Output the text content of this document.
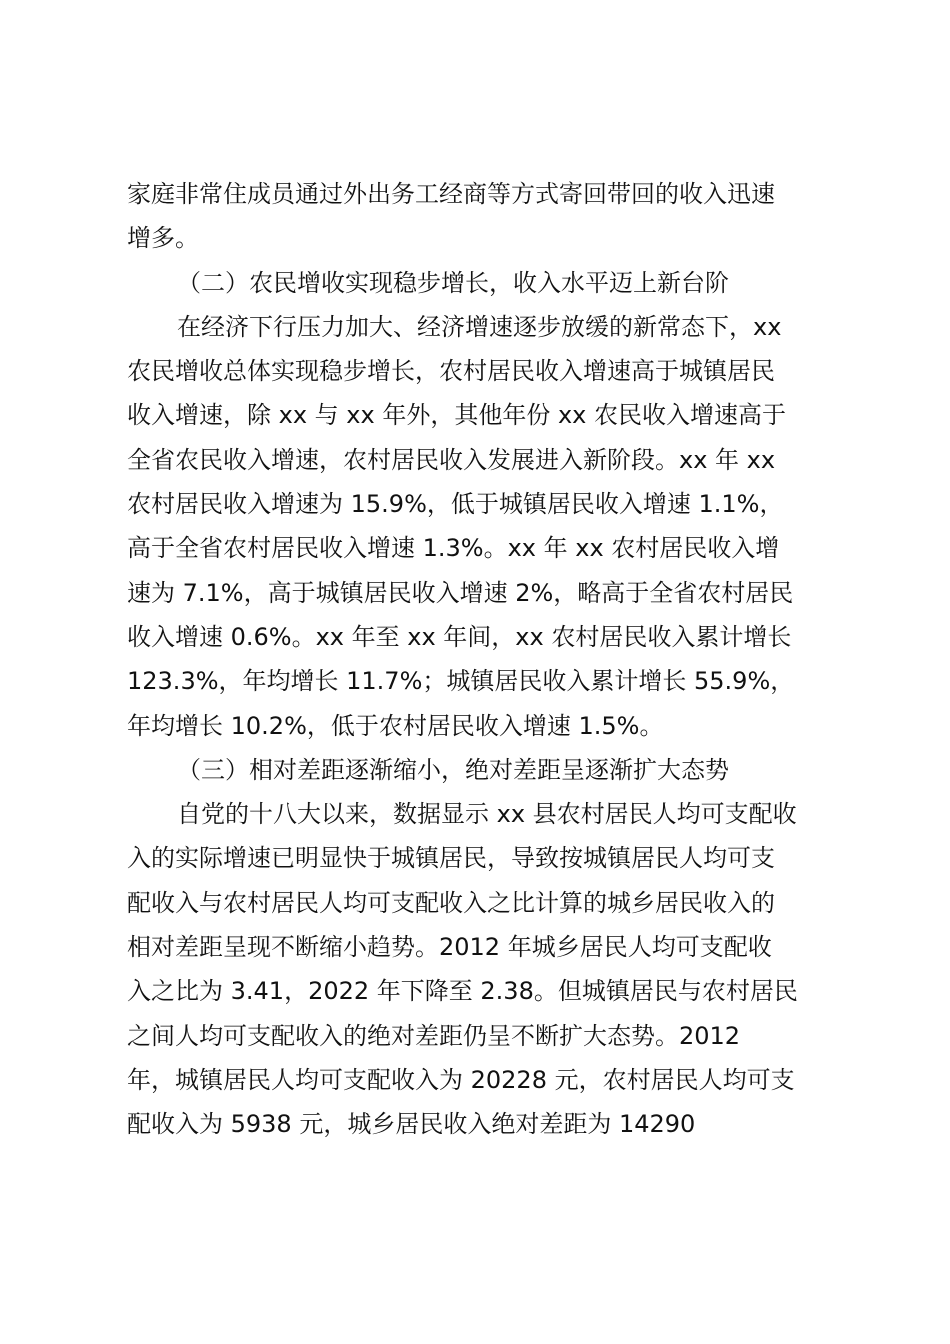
家庭非常住成员通过外出务工经商等方式寄回带回的收入迅速
增多。
（二）农民增收实现稳步增长，收入水平迈上新台阶
在经济下行压力加大、经济增速逐步放缓的新常态下，xx
农民增收总体实现稳步增长，农村居民收入增速高于城镇居民
收入增速，除 xx 与 xx 年外，其他年份 xx 农民收入增速高于
全省农民收入增速，农村居民收入发展进入新阶段。xx 年 xx
农村居民收入增速为 15.9%，低于城镇居民收入增速 1.1%，
高于全省农村居民收入增速 1.3%。xx 年 xx 农村居民收入增
速为 7.1%，高于城镇居民收入增速 2%，略高于全省农村居民
收入增速 0.6%。xx 年至 xx 年间，xx 农村居民收入累计增长
123.3%，年均增长 11.7%；城镇居民收入累计增长 55.9%，
年均增长 10.2%，低于农村居民收入增速 1.5%。
（三）相对差距逐渐缩小，绝对差距呈逐渐扩大态势
自党的十八大以来，数据显示 xx 县农村居民人均可支配收
入的实际增速已明显快于城镇居民，导致按城镇居民人均可支
配收入与农村居民人均可支配收入之比计算的城乡居民收入的
相对差距呈现不断缩小趋势。2012 年城乡居民人均可支配收
入之比为 3.41，2022 年下降至 2.38。但城镇居民与农村居民
之间人均可支配收入的绝对差距仍呈不断扩大态势。2012
年，城镇居民人均可支配收入为 20228 元，农村居民人均可支
配收入为 5938 元，城乡居民收入绝对差距为 14290
